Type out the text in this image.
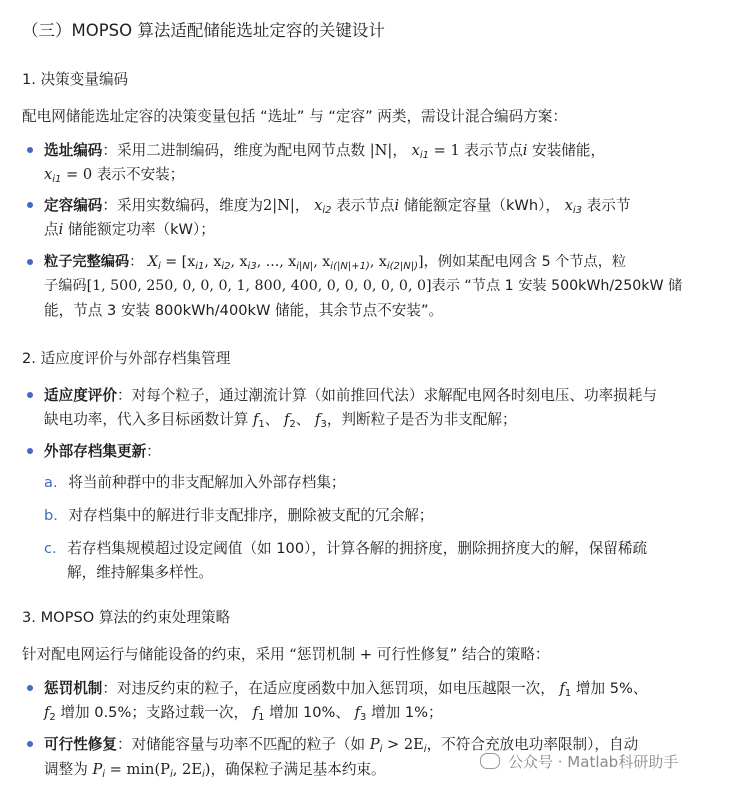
（三）MOPSO 算法适配储能选址定容的关键设计
1. 决策变量编码
配电网储能选址定容的决策变量包括 “选址” 与 “定容” 两类，需设计混合编码方案：
选址编码：采用二进制编码，维度为配电网节点数 |N|， $x_{i1} = 1$ 表示节点i 安装储能，
$x_{i1} = 0$ 表示不安装；
定容编码：采用实数编码，维度为2|N|， $x_{i2}$ 表示节点i 储能额定容量（kWh）， $x_{i3}$ 表示节
点i 储能额定功率（kW）；
粒子完整编码： $X_i = [x_{i1}$, $x_{i2}$, $x_{i3}$, ..., $x_{i|N|}$, $x_{i(|N|+1)}$, $x_{i(2|N|)}$]，例如某配电网含 5 个节点，粒
子编码[1, 500, 250, 0, 0, 0, 1, 800, 400, 0, 0, 0, 0, 0, 0]表示 “节点 1 安装 500kWh/250kW 储
能，节点 3 安装 800kWh/400kW 储能，其余节点不安装”。
2. 适应度评价与外部存档集管理
适应度评价：对每个粒子，通过潮流计算（如前推回代法）求解配电网各时刻电压、功率损耗与
缺电功率，代入多目标函数计算 $f_1$、 $f_2$、 $f_3$，判断粒子是否为非支配解；
外部存档集更新：
a. 将当前种群中的非支配解加入外部存档集；
b. 对存档集中的解进行非支配排序，删除被支配的冗余解；
c. 若存档集规模超过设定阈值（如 100），计算各解的拥挤度，删除拥挤度大的解，保留稀疏
解，维持解集多样性。
3. MOPSO 算法的约束处理策略
针对配电网运行与储能设备的约束，采用 “惩罚机制 + 可行性修复” 结合的策略：
惩罚机制：对违反约束的粒子，在适应度函数中加入惩罚项，如电压越限一次， $f_1$ 增加 5%、
$f_2$ 增加 0.5%；支路过载一次， $f_1$ 增加 10%、 $f_3$ 增加 1%；
可行性修复：对储能容量与功率不匹配的粒子（如 $P_i > 2E_i$，不符合充放电功率限制），自动
调整为 $P_i = \min(P_i$, $2E_i$)，确保粒子满足基本约束。	公众号 · Matlab科研助手
